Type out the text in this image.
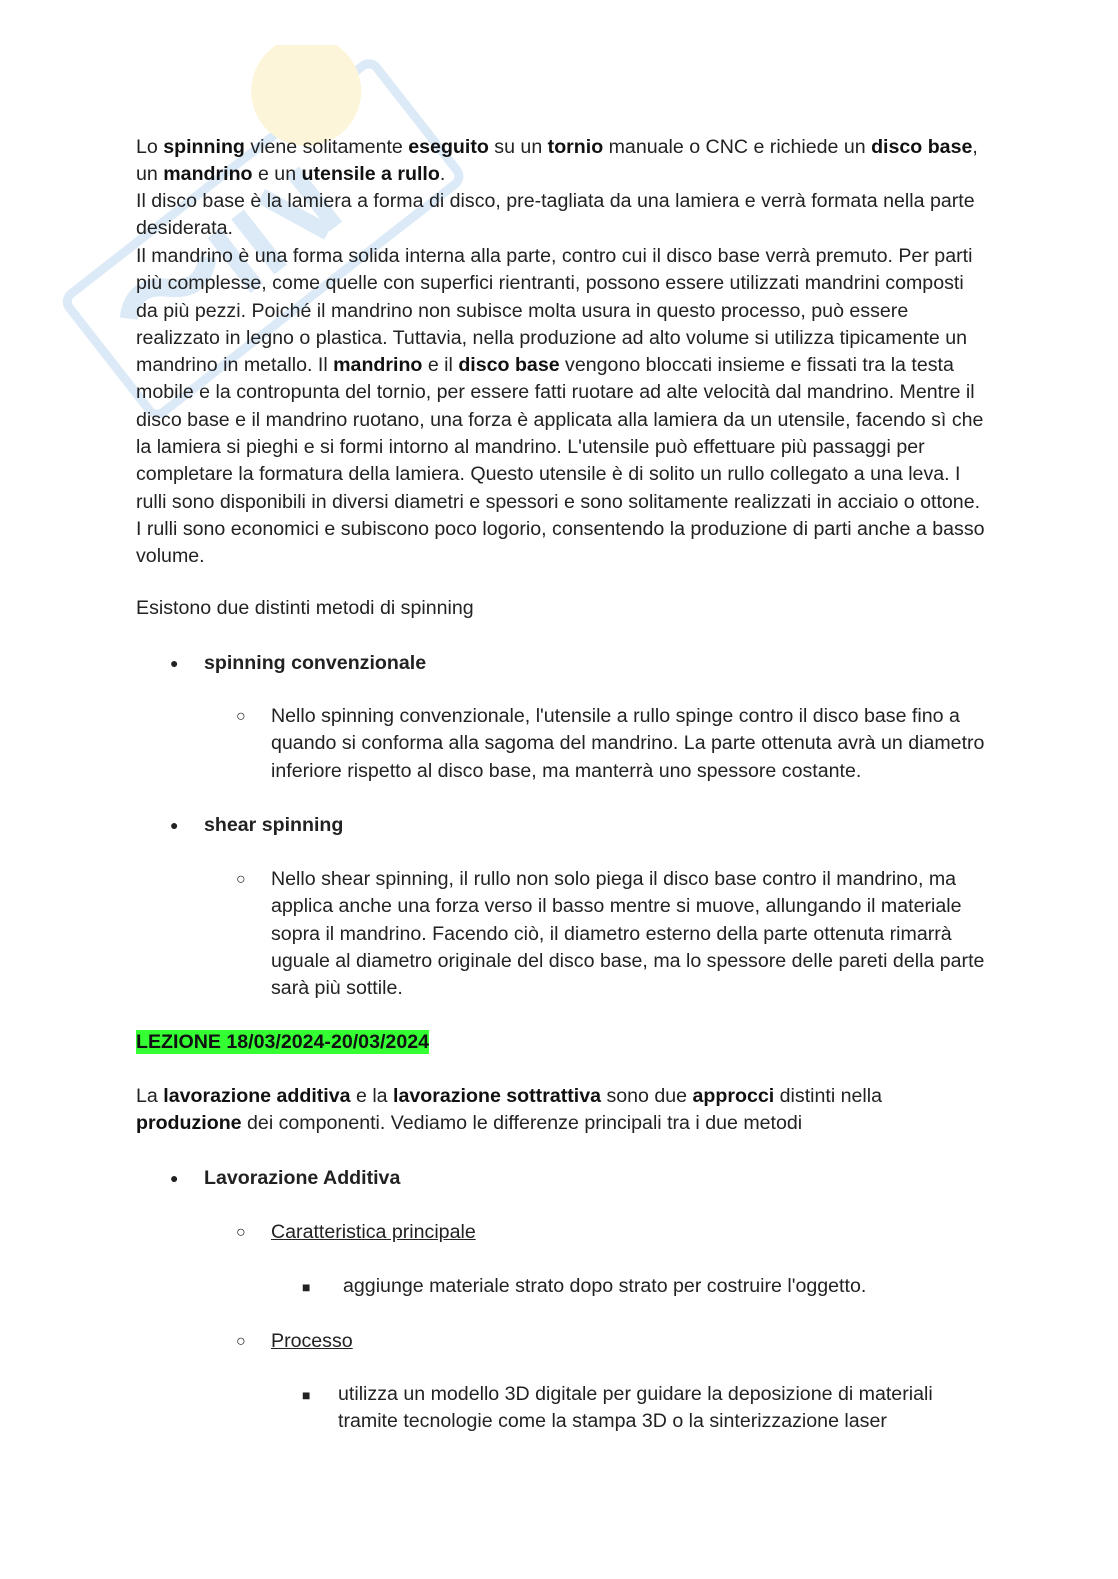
Lo spinning viene solitamente eseguito su un tornio manuale o CNC e richiede un disco base, un mandrino e un utensile a rullo.

Il disco base è la lamiera a forma di disco, pre-tagliata da una lamiera e verrà formata nella parte desiderata.

Il mandrino è una forma solida interna alla parte, contro cui il disco base verrà premuto. Per parti più complesse, come quelle con superfici rientranti, possono essere utilizzati mandrini composti da più pezzi. Poiché il mandrino non subisce molta usura in questo processo, può essere realizzato in legno o plastica. Tuttavia, nella produzione ad alto volume si utilizza tipicamente un mandrino in metallo. Il mandrino e il disco base vengono bloccati insieme e fissati tra la testa mobile e la contropunta del tornio, per essere fatti ruotare ad alte velocità dal mandrino. Mentre il disco base e il mandrino ruotano, una forza è applicata alla lamiera da un utensile, facendo sì che la lamiera si pieghi e si formi intorno al mandrino. L'utensile può effettuare più passaggi per completare la formatura della lamiera. Questo utensile è di solito un rullo collegato a una leva. I rulli sono disponibili in diversi diametri e spessori e sono solitamente realizzati in acciaio o ottone. I rulli sono economici e subiscono poco logorio, consentendo la produzione di parti anche a basso volume.

Esistono due distinti metodi di spinning

● spinning convenzionale

○ Nello spinning convenzionale, l'utensile a rullo spinge contro il disco base fino a quando si conforma alla sagoma del mandrino. La parte ottenuta avrà un diametro inferiore rispetto al disco base, ma manterrà uno spessore costante.

● shear spinning

○ Nello shear spinning, il rullo non solo piega il disco base contro il mandrino, ma applica anche una forza verso il basso mentre si muove, allungando il materiale sopra il mandrino. Facendo ciò, il diametro esterno della parte ottenuta rimarrà uguale al diametro originale del disco base, ma lo spessore delle pareti della parte sarà più sottile.

LEZIONE 18/03/2024-20/03/2024

La lavorazione additiva e la lavorazione sottrattiva sono due approcci distinti nella produzione dei componenti. Vediamo le differenze principali tra i due metodi

● Lavorazione Additiva

○ Caratteristica principale

■ aggiunge materiale strato dopo strato per costruire l'oggetto.

○ Processo

■ utilizza un modello 3D digitale per guidare la deposizione di materiali tramite tecnologie come la stampa 3D o la sinterizzazione laser
